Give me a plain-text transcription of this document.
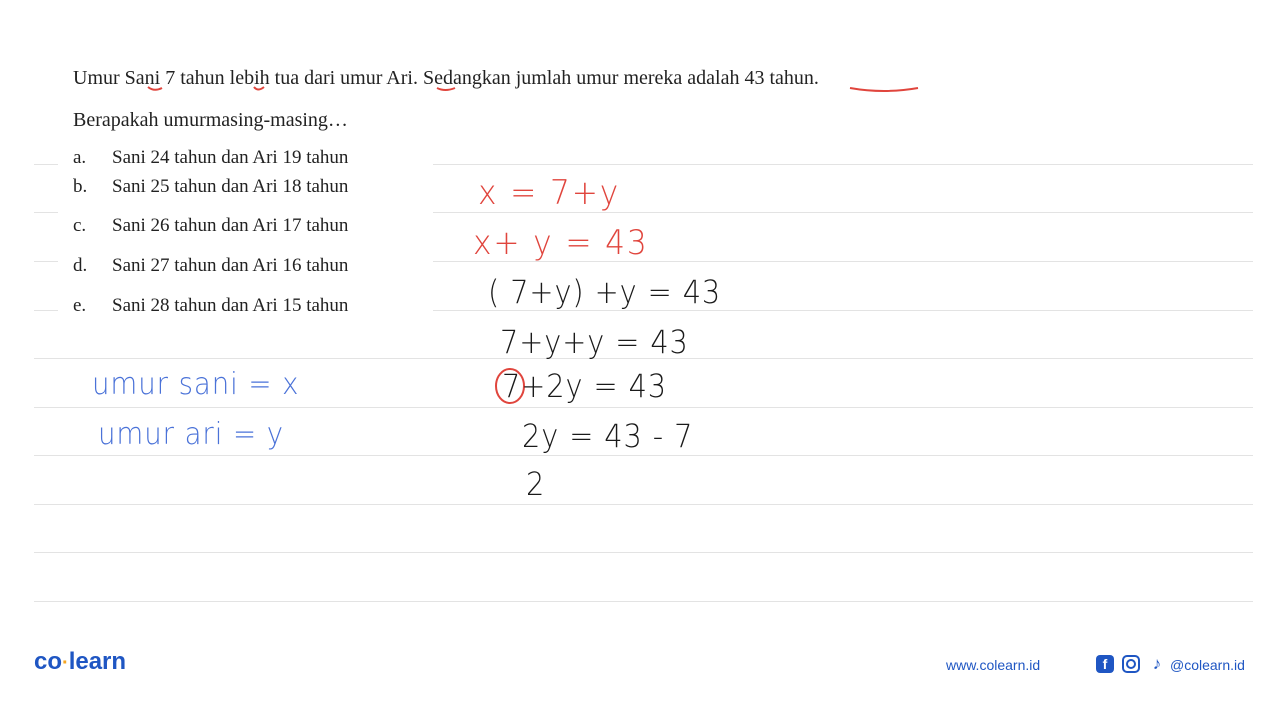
Umur Sani 7 tahun lebih tua dari umur Ari. Sedangkan jumlah umur mereka adalah 43 tahun.
Berapakah umurmasing-masing…
a. Sani 24 tahun dan Ari 19 tahun
b. Sani 25 tahun dan Ari 18 tahun
c. Sani 26 tahun dan Ari 17 tahun
d. Sani 27 tahun dan Ari 16 tahun
e. Sani 28 tahun dan Ari 15 tahun
umur sani = x
umur ari = y
x = 7+y
x+ y = 43
( 7+y) +y = 43
7+y+y = 43
7+2y = 43
2y = 43 - 7
2
co·learn	www.colearn.id	f	♪ @colearn.id
